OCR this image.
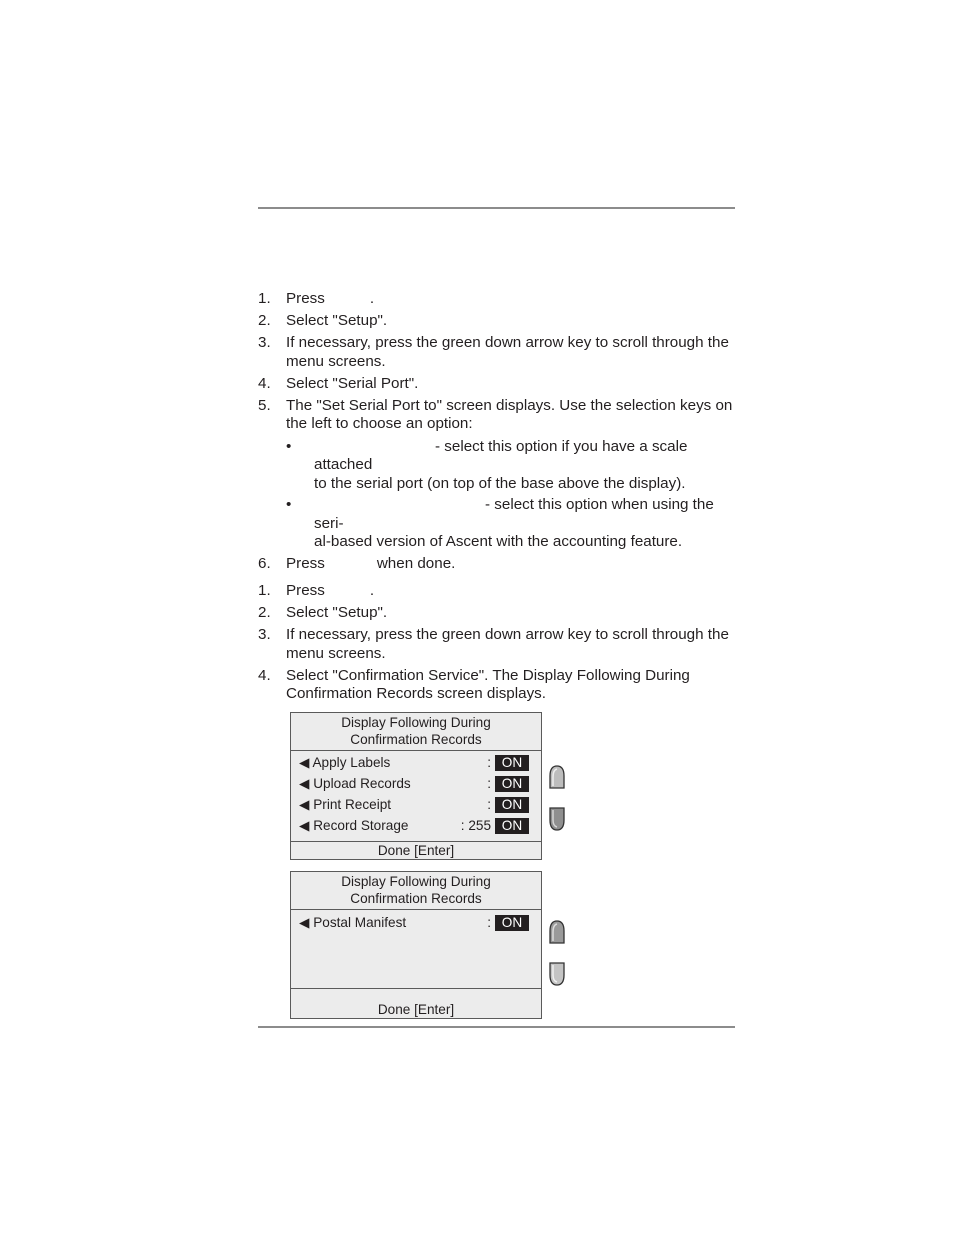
1. Press	.
2. Select "Setup".
3. If necessary, press the green down arrow key to scroll through the menu screens.
4. Select "Serial Port".
5. The "Set Serial Port to" screen displays. Use the selection keys on the left to choose an option:
•	- select this option if you have a scale attached
to the serial port (on top of the base above the display).
•	- select this option when using the seri-
al-based version of Ascent with the accounting feature.
6. Press	when done.
1. Press	.
2. Select "Setup".
3. If necessary, press the green down arrow key to scroll through the menu screens.
4. Select "Confirmation Service". The Display Following During Confirmation Records screen displays.
Display Following During
Confirmation Records
◀ Apply Labels	: ON
◀ Upload Records	: ON
◀ Print Receipt	: ON
◀ Record Storage	: 255 ON
Done [Enter]
Display Following During
Confirmation Records
◀ Postal Manifest	: ON
Done [Enter]
